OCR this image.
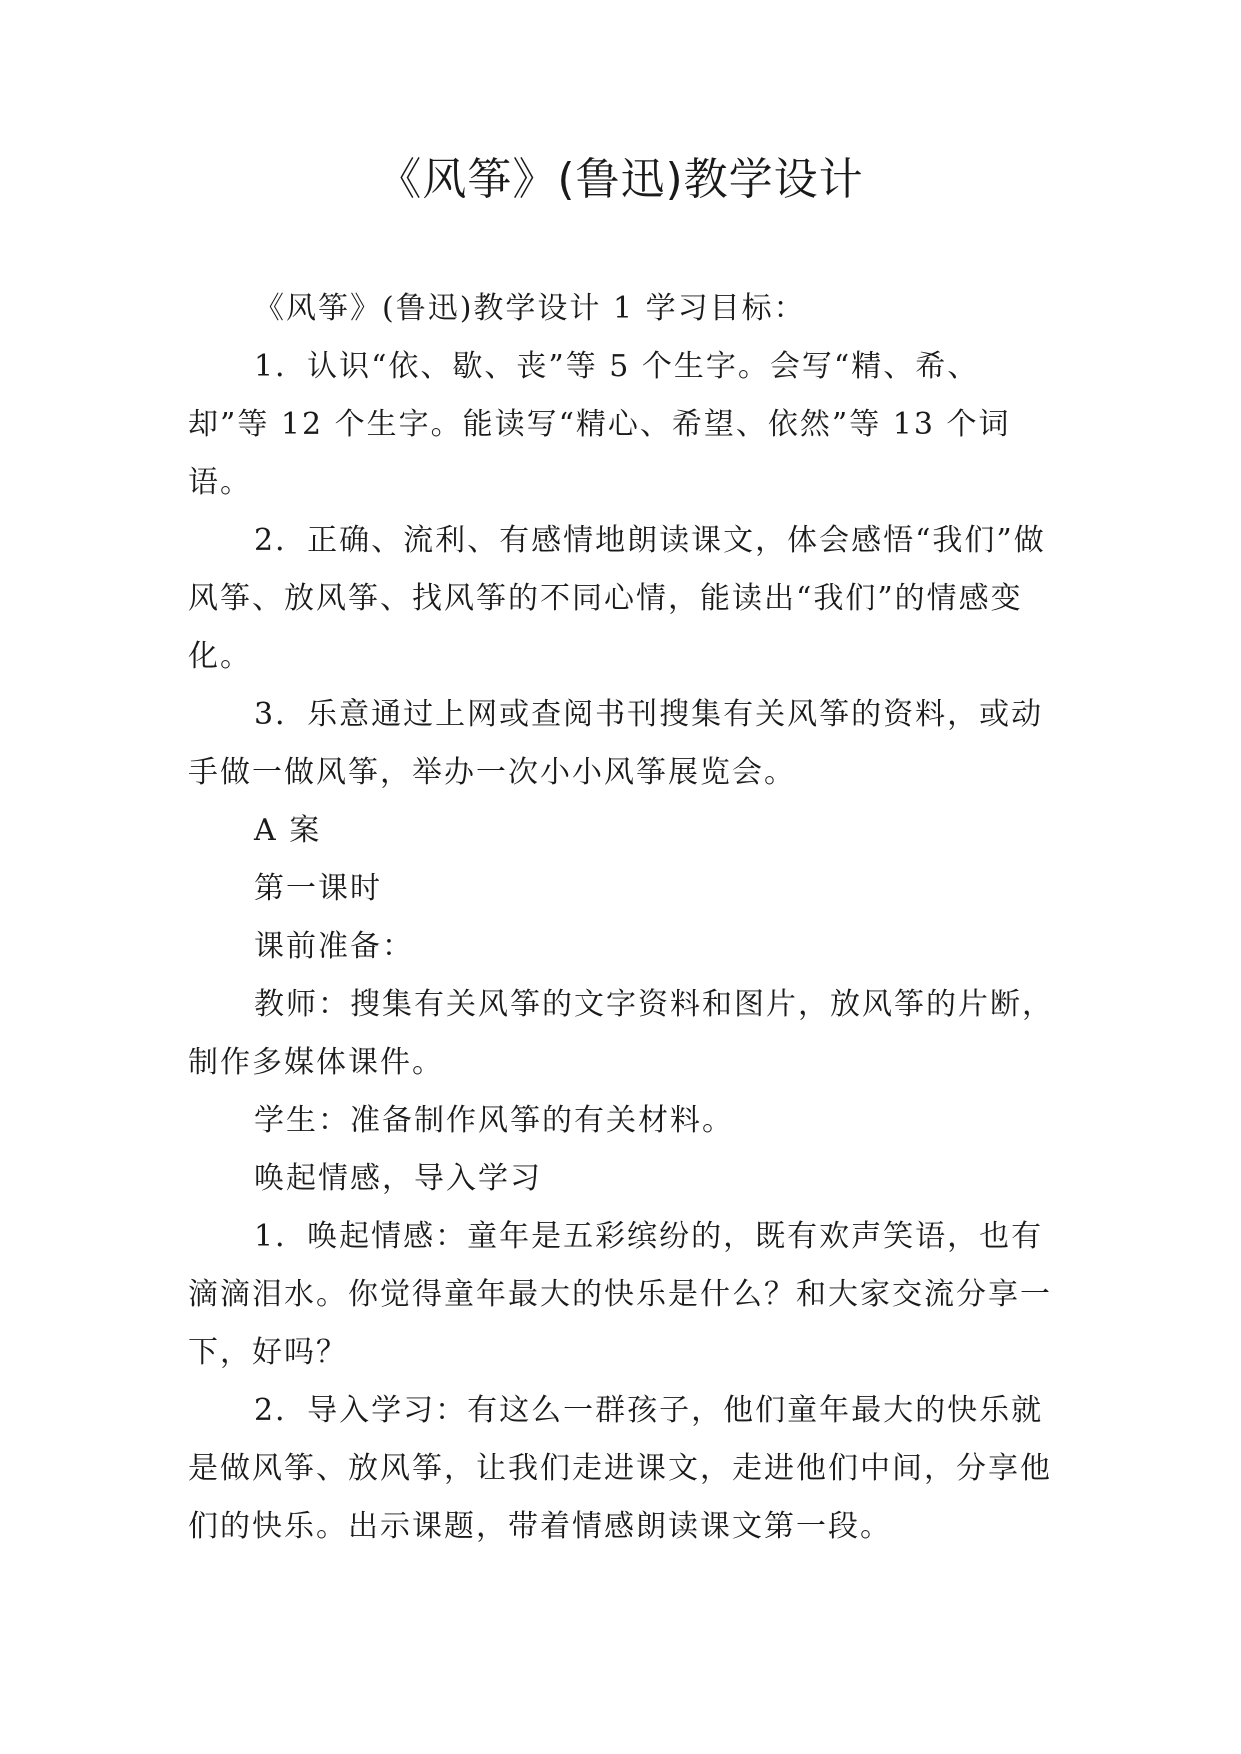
《风筝》(鲁迅)教学设计

《风筝》(鲁迅)教学设计 1 学习目标：

1．认识“依、歇、丧”等 5 个生字。会写“精、希、却”等 12 个生字。能读写“精心、希望、依然”等 13 个词语。

2．正确、流利、有感情地朗读课文，体会感悟“我们”做风筝、放风筝、找风筝的不同心情，能读出“我们”的情感变化。

3．乐意通过上网或查阅书刊搜集有关风筝的资料，或动手做一做风筝，举办一次小小风筝展览会。

A 案

第一课时

课前准备：

教师：搜集有关风筝的文字资料和图片，放风筝的片断，制作多媒体课件。

学生：准备制作风筝的有关材料。

唤起情感，导入学习

1．唤起情感：童年是五彩缤纷的，既有欢声笑语，也有滴滴泪水。你觉得童年最大的快乐是什么？和大家交流分享一下，好吗？

2．导入学习：有这么一群孩子，他们童年最大的快乐就是做风筝、放风筝，让我们走进课文，走进他们中间，分享他们的快乐。出示课题，带着情感朗读课文第一段。
